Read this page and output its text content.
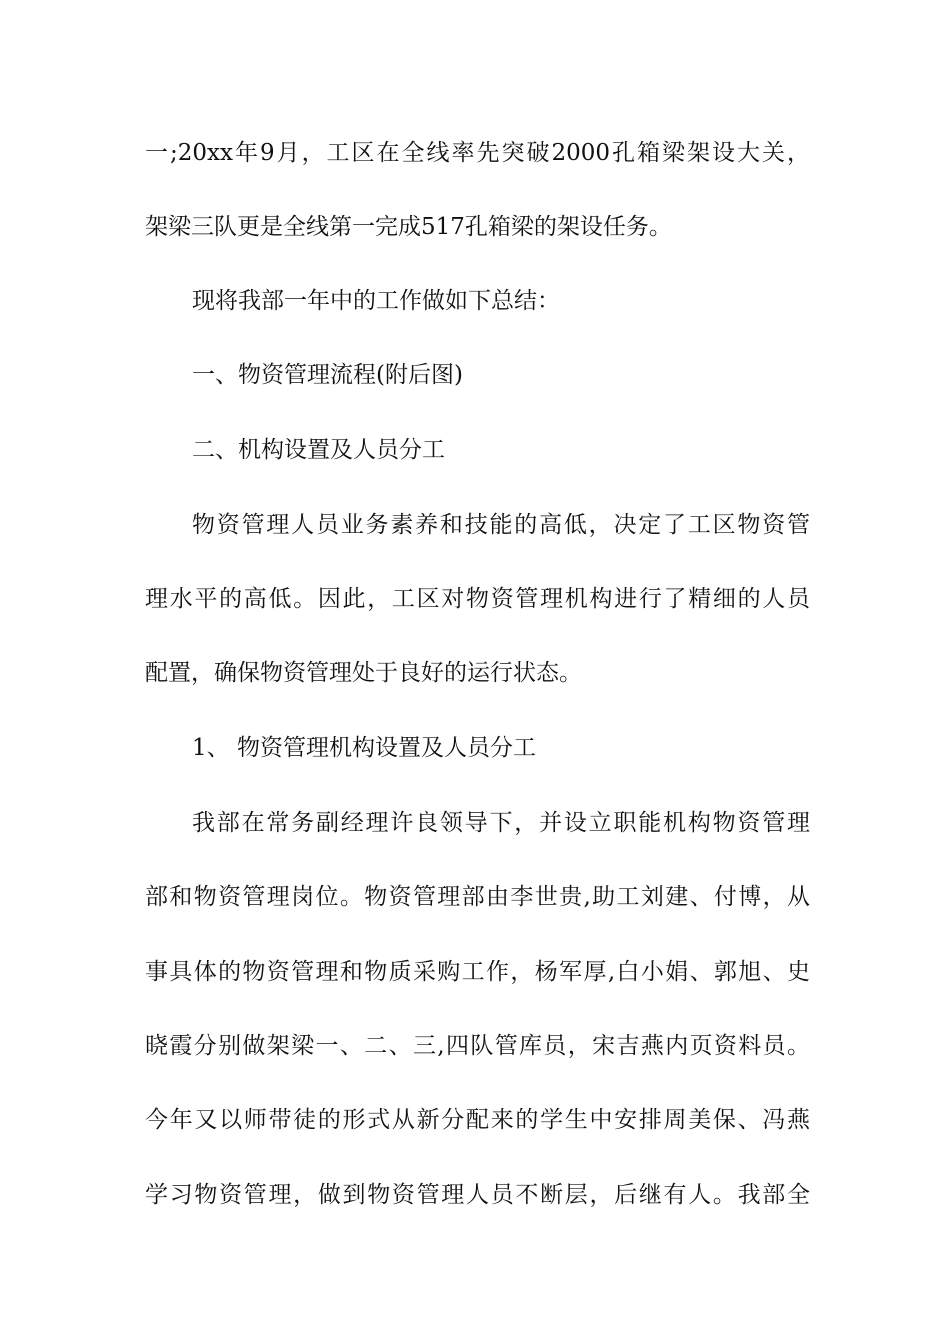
一;20xx年9月，工区在全线率先突破2000孔箱梁架设大关，

架梁三队更是全线第一完成517孔箱梁的架设任务。

现将我部一年中的工作做如下总结：

一、物资管理流程(附后图)

二、机构设置及人员分工

物资管理人员业务素养和技能的高低，决定了工区物资管

理水平的高低。因此，工区对物资管理机构进行了精细的人员

配置，确保物资管理处于良好的运行状态。

1、 物资管理机构设置及人员分工

我部在常务副经理许良领导下，并设立职能机构物资管理

部和物资管理岗位。物资管理部由李世贵,助工刘建、付博，从

事具体的物资管理和物质采购工作，杨军厚,白小娟、郭旭、史

晓霞分别做架梁一、二、三,四队管库员，宋吉燕内页资料员。

今年又以师带徒的形式从新分配来的学生中安排周美保、冯燕

学习物资管理，做到物资管理人员不断层，后继有人。我部全
